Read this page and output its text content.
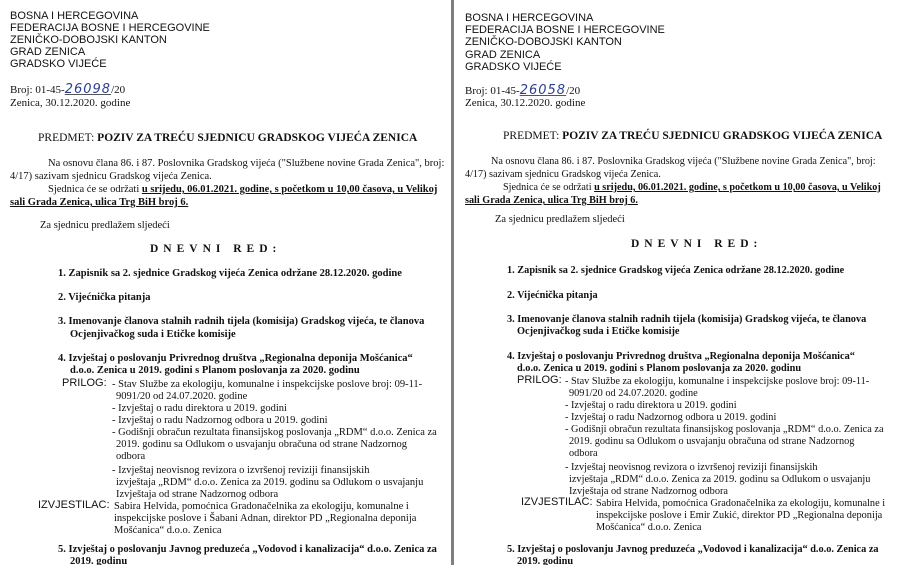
BOSNA I HERCEGOVINA
FEDERACIJA BOSNE I HERCEGOVINE
ZENIČKO-DOBOJSKI KANTON
GRAD ZENICA
GRADSKO VIJEĆE
Broj: 01-45-26098/20
Zenica, 30.12.2020. godine
PREDMET: POZIV ZA TREĆU SJEDNICU GRADSKOG VIJEĆA ZENICA
Na osnovu člana 86. i 87. Poslovnika Gradskog vijeća ("Službene novine Grada Zenica", broj:
4/17) sazivam sjednicu Gradskog vijeća Zenica.
Sjednica će se održati u srijedu, 06.01.2021. godine, s početkom u 10,00 časova, u Velikoj
sali Grada Zenica, ulica Trg BiH broj 6.
Za sjednicu predlažem sljedeći
DNEVNI RED:
1. Zapisnik sa 2. sjednice Gradskog vijeća Zenica održane 28.12.2020. godine
2. Vijećnička pitanja
3. Imenovanje članova stalnih radnih tijela (komisija) Gradskog vijeća, te članova
Ocjenjivačkog suda i Etičke komisije
4. Izvještaj o poslovanju Privrednog društva „Regionalna deponija Mošćanica“
d.o.o. Zenica u 2019. godini s Planom poslovanja za 2020. godinu
PRILOG: - Stav Službe za ekologiju, komunalne i inspekcijske poslove broj: 09-11-
9091/20 od 24.07.2020. godine
- Izvještaj o radu direktora u 2019. godini
- Izvještaj o radu Nadzornog odbora u 2019. godini
- Godišnji obračun rezultata finansijskog poslovanja „RDM“ d.o.o. Zenica za
2019. godinu sa Odlukom o usvajanju obračuna od strane Nadzornog
odbora
- Izvještaj neovisnog revizora o izvršenoj reviziji finansijskih
izvještaja „RDM“ d.o.o. Zenica za 2019. godinu sa Odlukom o usvajanju
Izvještaja od strane Nadzornog odbora
IZVJESTILAC: Sabira Helvida, pomoćnica Gradonačelnika za ekologiju, komunalne i
inspekcijske poslove i Šabani Adnan, direktor PD „Regionalna deponija
Mošćanica“ d.o.o. Zenica
5. Izvještaj o poslovanju Javnog preduzeća „Vodovod i kanalizacija“ d.o.o. Zenica za
2019. godinu
BOSNA I HERCEGOVINA
FEDERACIJA BOSNE I HERCEGOVINE
ZENIČKO-DOBOJSKI KANTON
GRAD ZENICA
GRADSKO VIJEĆE
Broj: 01-45-26058/20
Zenica, 30.12.2020. godine
PREDMET: POZIV ZA TREĆU SJEDNICU GRADSKOG VIJEĆA ZENICA
Na osnovu člana 86. i 87. Poslovnika Gradskog vijeća ("Službene novine Grada Zenica", broj:
4/17) sazivam sjednicu Gradskog vijeća Zenica.
Sjednica će se održati u srijedu, 06.01.2021. godine, s početkom u 10,00 časova, u Velikoj
sali Grada Zenica, ulica Trg BiH broj 6.
Za sjednicu predlažem sljedeći
DNEVNI RED:
1. Zapisnik sa 2. sjednice Gradskog vijeća Zenica održane 28.12.2020. godine
2. Vijećnička pitanja
3. Imenovanje članova stalnih radnih tijela (komisija) Gradskog vijeća, te članova
Ocjenjivačkog suda i Etičke komisije
4. Izvještaj o poslovanju Privrednog društva „Regionalna deponija Mošćanica“
d.o.o. Zenica u 2019. godini s Planom poslovanja za 2020. godinu
PRILOG: - Stav Službe za ekologiju, komunalne i inspekcijske poslove broj: 09-11-
9091/20 od 24.07.2020. godine
- Izvještaj o radu direktora u 2019. godini
- Izvještaj o radu Nadzornog odbora u 2019. godini
- Godišnji obračun rezultata finansijskog poslovanja „RDM“ d.o.o. Zenica za
2019. godinu sa Odlukom o usvajanju obračuna od strane Nadzornog
odbora
- Izvještaj neovisnog revizora o izvršenoj reviziji finansijskih
izvještaja „RDM“ d.o.o. Zenica za 2019. godinu sa Odlukom o usvajanju
Izvještaja od strane Nadzornog odbora
IZVJESTILAC: Sabira Helvida, pomoćnica Gradonačelnika za ekologiju, komunalne i
inspekcijske poslove i Emir Zukić, direktor PD „Regionalna deponija
Mošćanica“ d.o.o. Zenica
5. Izvještaj o poslovanju Javnog preduzeća „Vodovod i kanalizacija“ d.o.o. Zenica za
2019. godinu
